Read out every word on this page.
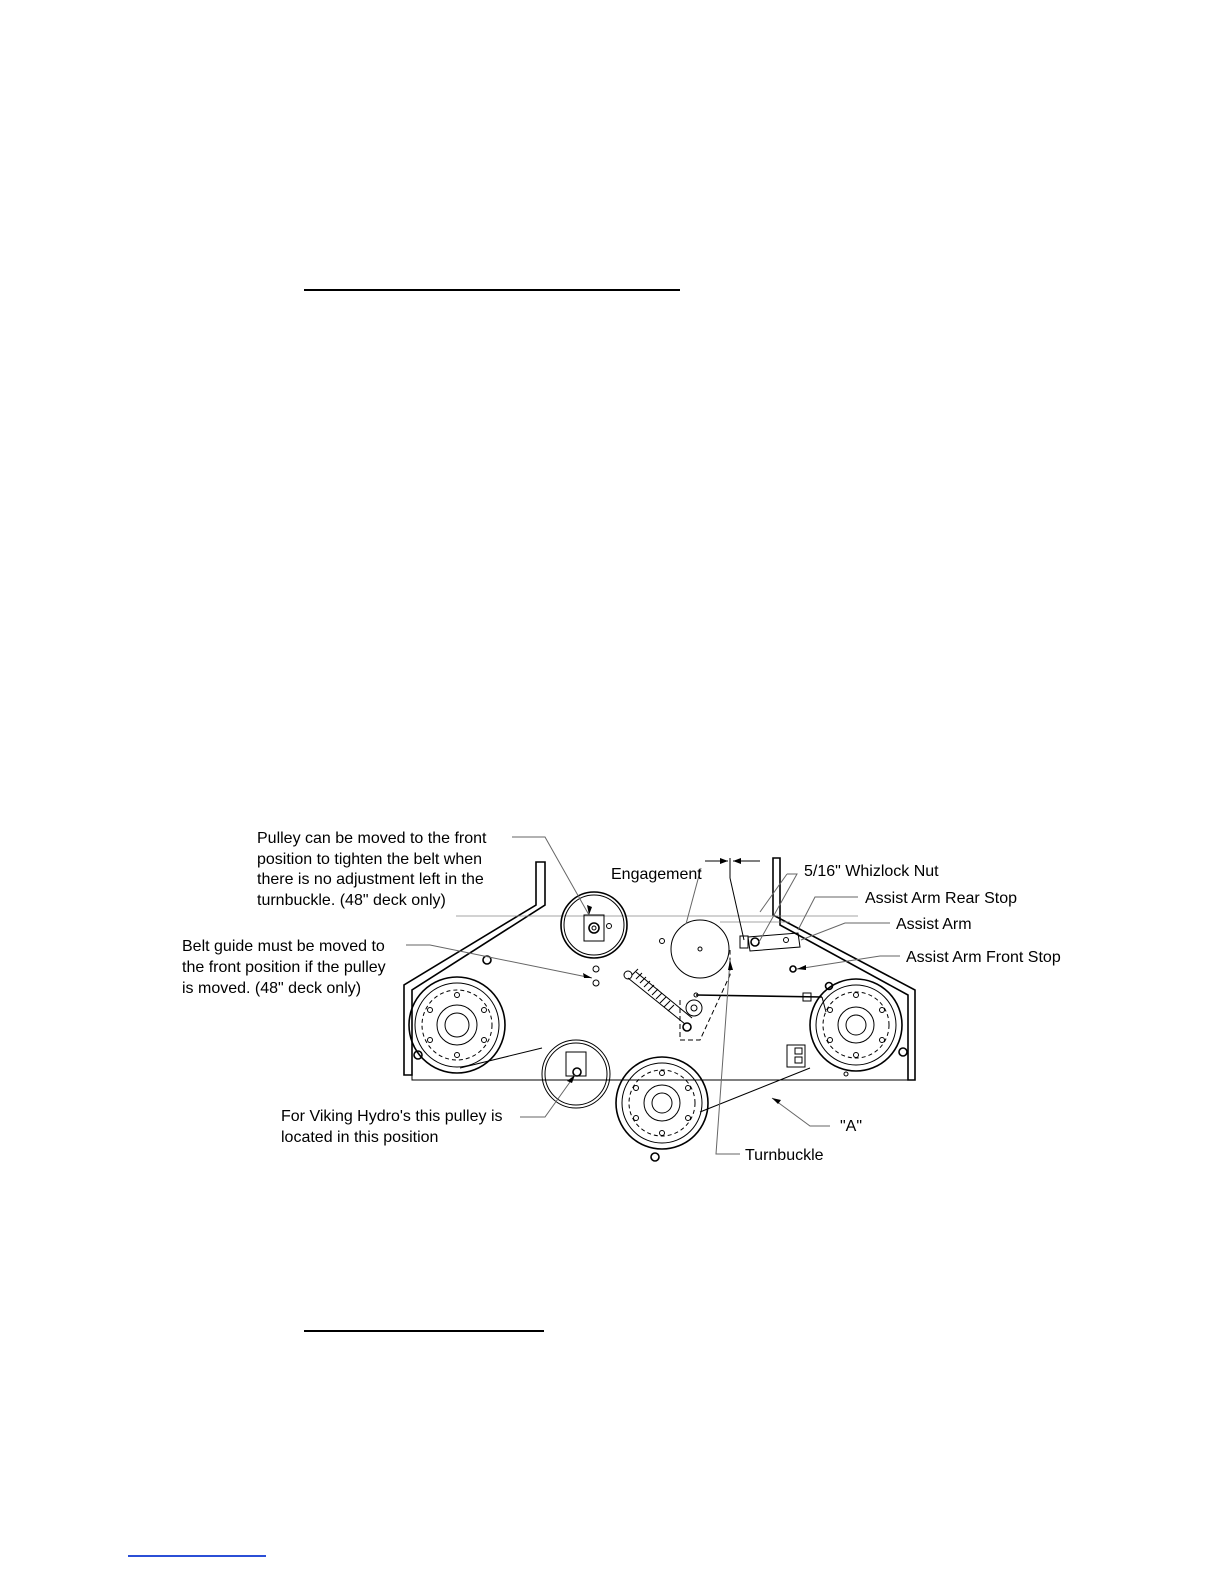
Pulley can be moved to the front
position to tighten the belt when
there is no adjustment left in the
turnbuckle. (48" deck only)
Belt guide must be moved to
the front position if the pulley
is moved. (48" deck only)
For Viking Hydro's this pulley is
located in this position
Engagement	5/16" Whizlock Nut
Assist Arm Rear Stop
Assist Arm
Assist Arm Front Stop
"A"
Turnbuckle
